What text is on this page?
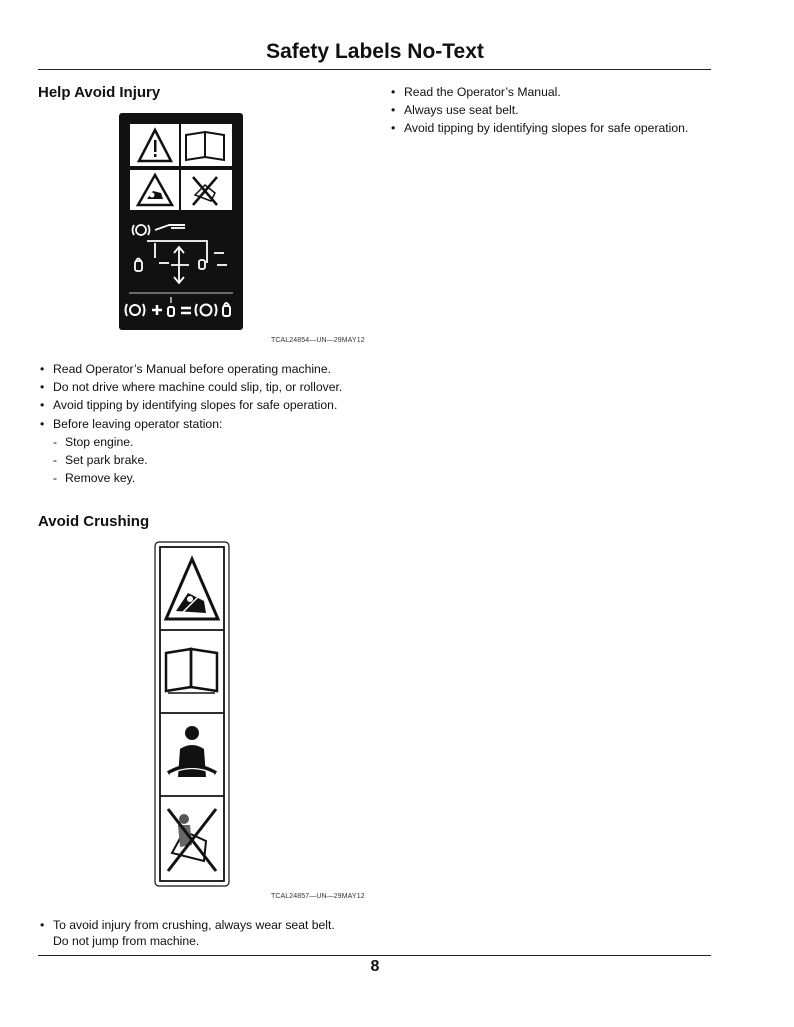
Safety Labels No-Text
Help Avoid Injury
TCAL24854—UN—29MAY12
• Read Operator’s Manual before operating machine.
• Do not drive where machine could slip, tip, or rollover.
• Avoid tipping by identifying slopes for safe operation.
• Before leaving operator station:
- Stop engine.
- Set park brake.
- Remove key.
Avoid Crushing
TCAL24857—UN—29MAY12
• To avoid injury from crushing, always wear seat belt.
Do not jump from machine.
• Read the Operator’s Manual.
• Always use seat belt.
• Avoid tipping by identifying slopes for safe operation.
8
